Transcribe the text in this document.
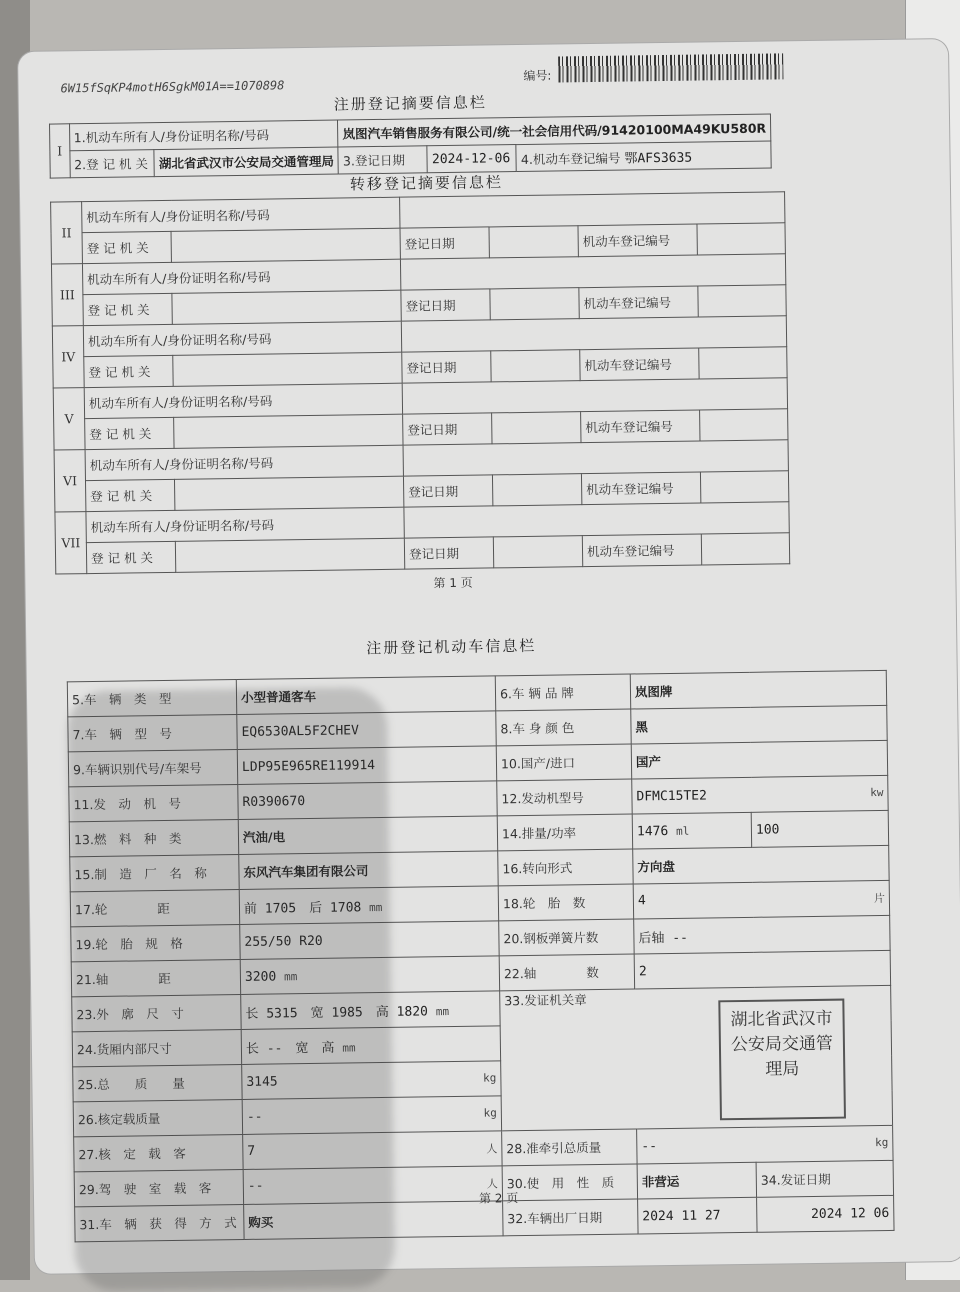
6W15fSqKP4motH6SgkM01A==1070898
编号:
注册登记摘要信息栏
I	1.机动车所有人/身份证明名称/号码		岚图汽车销售服务有限公司/统一社会信用代码/91420100MA49KU580R		
	2.登 记 机 关	湖北省武汉市公安局交通管理局	3.登记日期	2024-12-06	4.机动车登记编号 鄂AFS3635
转移登记摘要信息栏
II	机动车所有人/身份证明名称/号码					
	登 记 机 关		登记日期		机动车登记编号	
III	机动车所有人/身份证明名称/号码					
	登 记 机 关		登记日期		机动车登记编号	
IV	机动车所有人/身份证明名称/号码					
	登 记 机 关		登记日期		机动车登记编号	
V	机动车所有人/身份证明名称/号码					
	登 记 机 关		登记日期		机动车登记编号	
VI	机动车所有人/身份证明名称/号码					
	登 记 机 关		登记日期		机动车登记编号	
VII	机动车所有人/身份证明名称/号码					
	登 记 机 关		登记日期		机动车登记编号	
第 1 页
注册登记机动车信息栏
5.车　辆　类　型	小型普通客车	6.车 辆 品 牌	岚图牌	
7.车　辆　型　号	EQ6530AL5F2CHEV	8.车 身 颜 色	黑	
9.车辆识别代号/车架号	LDP95E965RE119914	10.国产/进口	国产	
11.发　动　机　号	R0390670	12.发动机型号	DFMC15TE2 kw	

13.燃　料　种　类	汽油/电	14.排量/功率	1476 ml	100
15.制　造　厂　名　称	东风汽车集团有限公司	16.转向形式	方向盘	
17.轮　　　　距	前 1705　 后 1708 mm	18.轮　胎　数	4 片	

19.轮　胎　规　格	255/50 R20	20.钢板弹簧片数	后轴 --	
21.轴　　　　距	3200 mm	22.轴　　　　数	2	
23.外　廓　尺　寸	长 5315　 宽 1985　 高 1820 mm	33.发证机关章		
24.货厢内部尺寸	长 --　 宽　 高 mm			
25.总　　质　　量	3145 kg			

26.核定载质量	-- kg			

27.核　定　载　客	7 人	28.准牵引总质量	-- kg	

29.驾　驶　室　载　客	-- 人	30.使　用　性　质	非营运	34.发证日期
31.车　辆　获　得　方　式	购买	32.车辆出厂日期	2024 11 27	2024 12 06
湖北省武汉市公安局交通管理局
第 2 页
